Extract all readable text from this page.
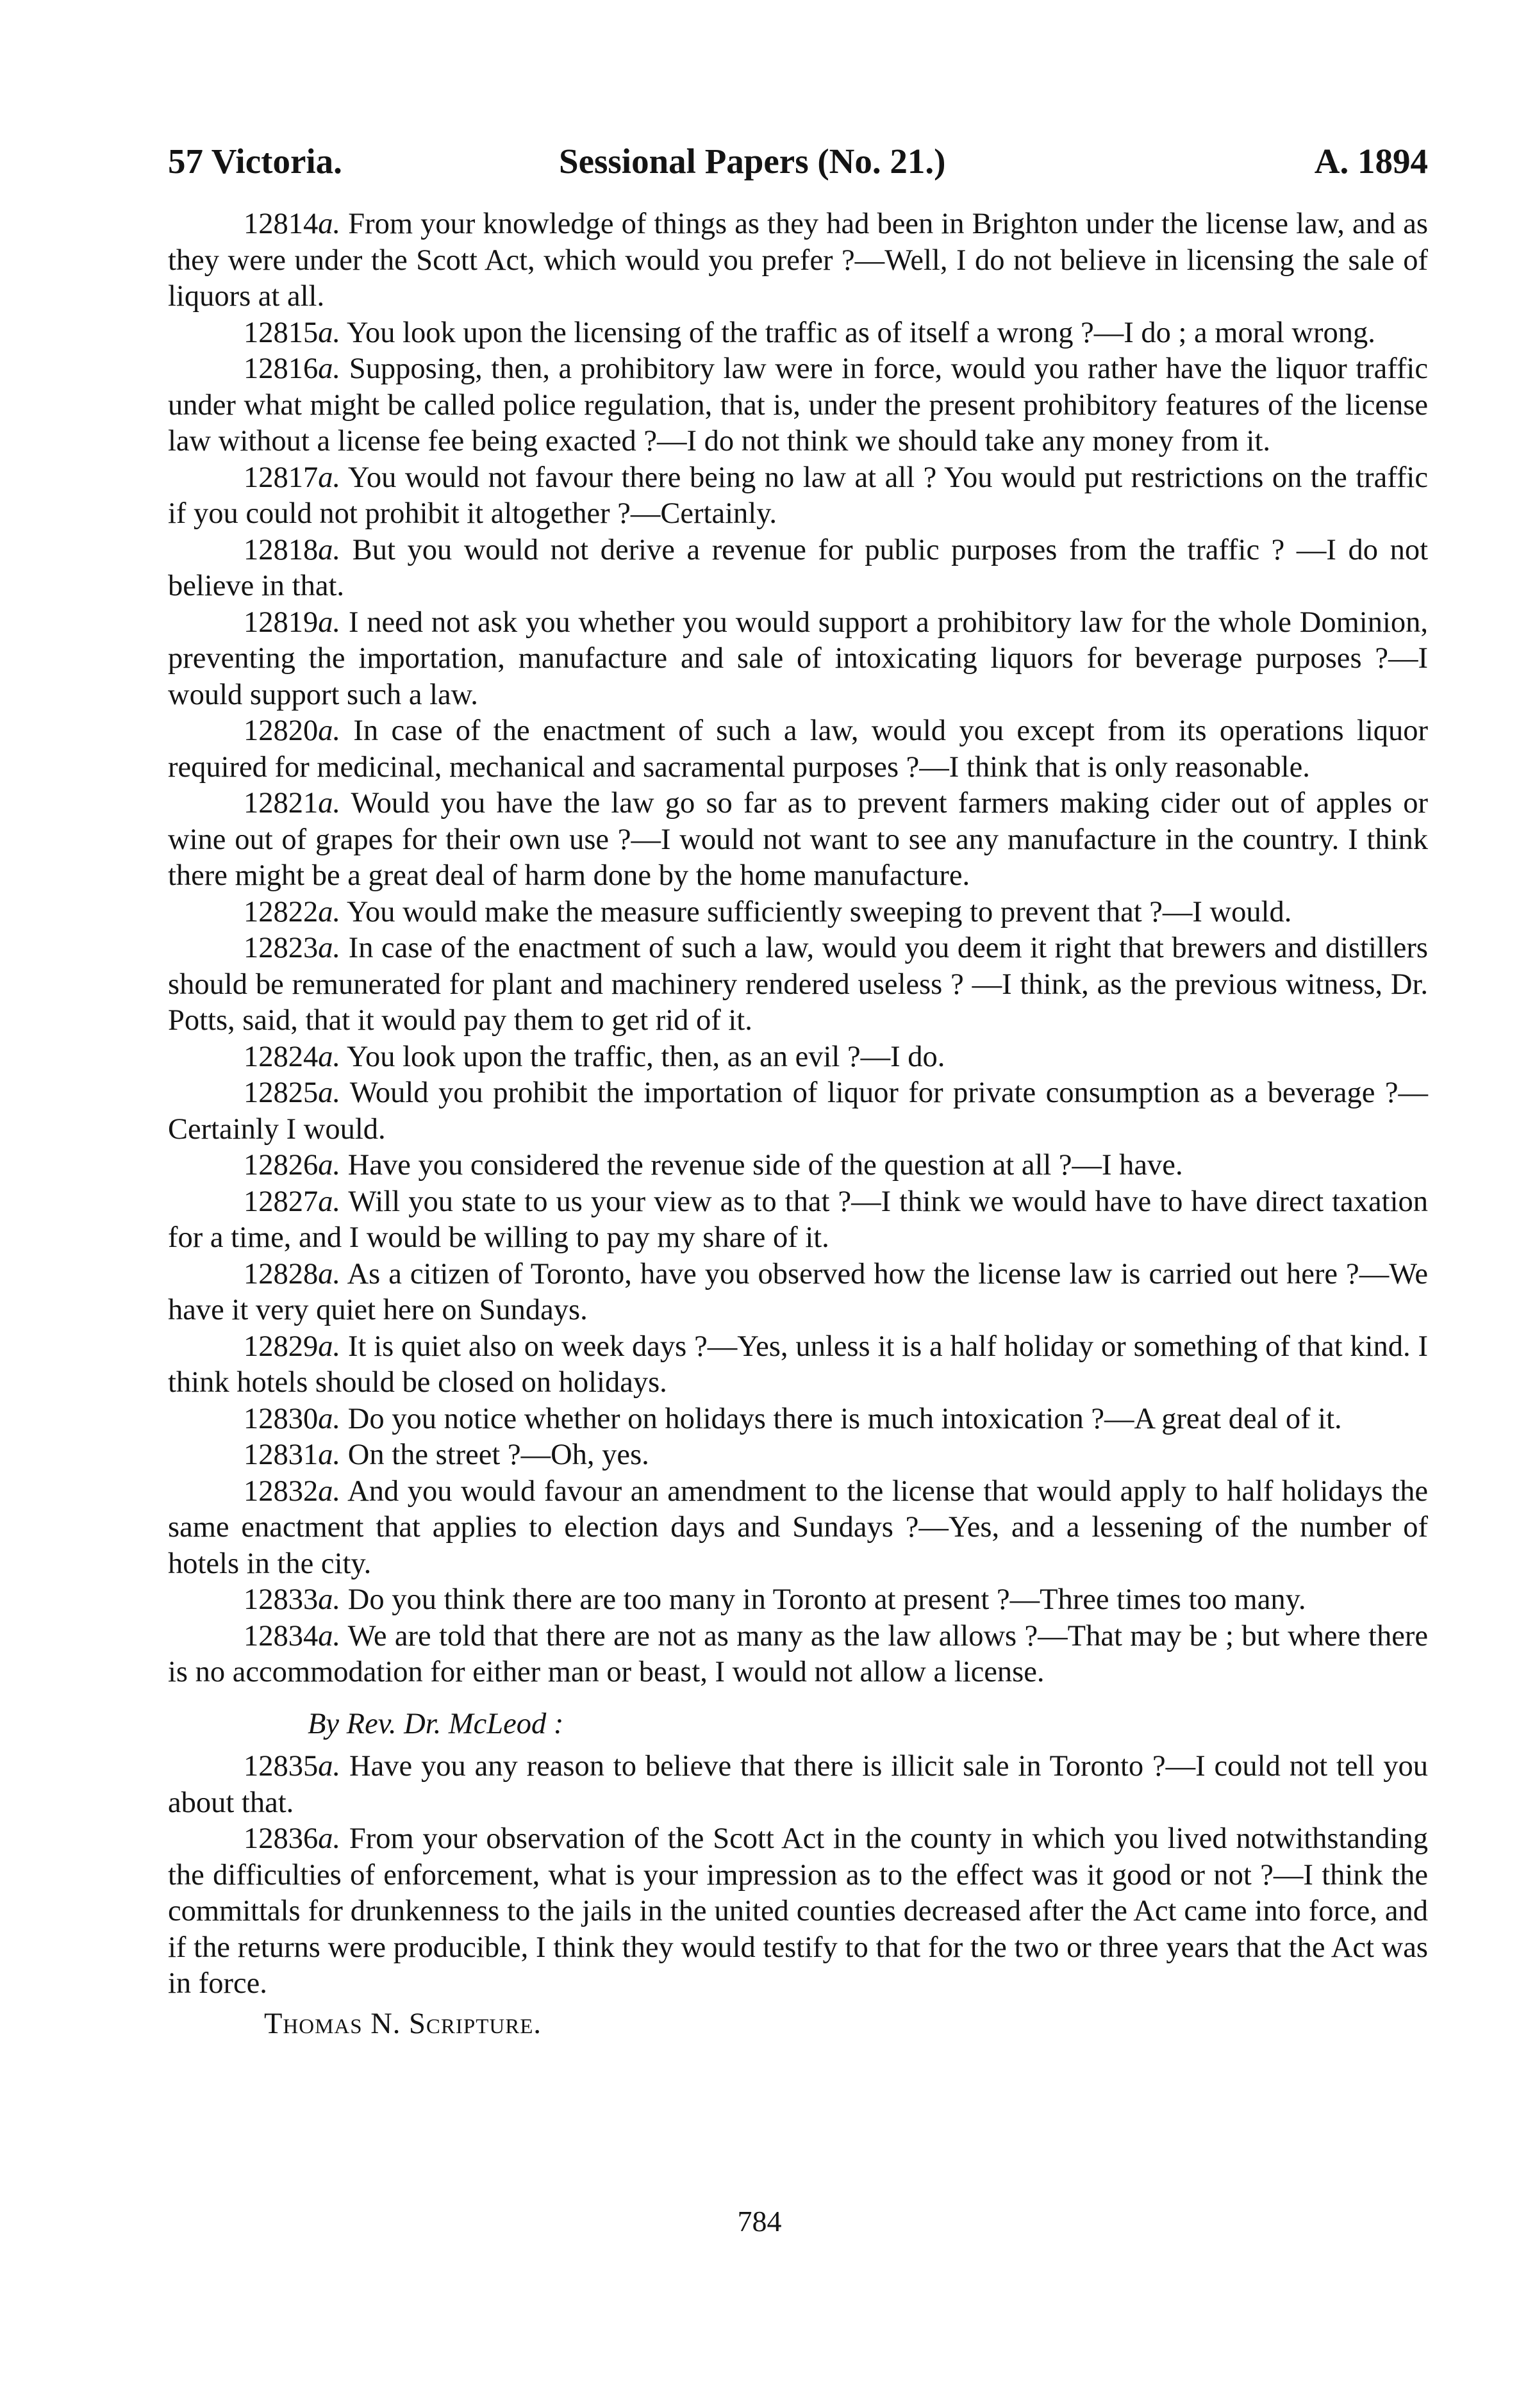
57 Victoria.	Sessional Papers (No. 21.)	A. 1894

12814a. From your knowledge of things as they had been in Brighton under the license law, and as they were under the Scott Act, which would you prefer ?—Well, I do not believe in licensing the sale of liquors at all.

12815a. You look upon the licensing of the traffic as of itself a wrong ?—I do ; a moral wrong.

12816a. Supposing, then, a prohibitory law were in force, would you rather have the liquor traffic under what might be called police regulation, that is, under the present prohibitory features of the license law without a license fee being exacted ?—I do not think we should take any money from it.

12817a. You would not favour there being no law at all ? You would put restrictions on the traffic if you could not prohibit it altogether ?—Certainly.

12818a. But you would not derive a revenue for public purposes from the traffic ? —I do not believe in that.

12819a. I need not ask you whether you would support a prohibitory law for the whole Dominion, preventing the importation, manufacture and sale of intoxicating liquors for beverage purposes ?—I would support such a law.

12820a. In case of the enactment of such a law, would you except from its operations liquor required for medicinal, mechanical and sacramental purposes ?—I think that is only reasonable.

12821a. Would you have the law go so far as to prevent farmers making cider out of apples or wine out of grapes for their own use ?—I would not want to see any manufacture in the country. I think there might be a great deal of harm done by the home manufacture.

12822a. You would make the measure sufficiently sweeping to prevent that ?—I would.

12823a. In case of the enactment of such a law, would you deem it right that brewers and distillers should be remunerated for plant and machinery rendered useless ? —I think, as the previous witness, Dr. Potts, said, that it would pay them to get rid of it.

12824a. You look upon the traffic, then, as an evil ?—I do.

12825a. Would you prohibit the importation of liquor for private consumption as a beverage ?—Certainly I would.

12826a. Have you considered the revenue side of the question at all ?—I have.

12827a. Will you state to us your view as to that ?—I think we would have to have direct taxation for a time, and I would be willing to pay my share of it.

12828a. As a citizen of Toronto, have you observed how the license law is carried out here ?—We have it very quiet here on Sundays.

12829a. It is quiet also on week days ?—Yes, unless it is a half holiday or something of that kind. I think hotels should be closed on holidays.

12830a. Do you notice whether on holidays there is much intoxication ?—A great deal of it.

12831a. On the street ?—Oh, yes.

12832a. And you would favour an amendment to the license that would apply to half holidays the same enactment that applies to election days and Sundays ?—Yes, and a lessening of the number of hotels in the city.

12833a. Do you think there are too many in Toronto at present ?—Three times too many.

12834a. We are told that there are not as many as the law allows ?—That may be ; but where there is no accommodation for either man or beast, I would not allow a license.

By Rev. Dr. McLeod :

12835a. Have you any reason to believe that there is illicit sale in Toronto ?—I could not tell you about that.

12836a. From your observation of the Scott Act in the county in which you lived notwithstanding the difficulties of enforcement, what is your impression as to the effect was it good or not ?—I think the committals for drunkenness to the jails in the united counties decreased after the Act came into force, and if the returns were producible, I think they would testify to that for the two or three years that the Act was in force.

Thomas N. Scripture.

784
